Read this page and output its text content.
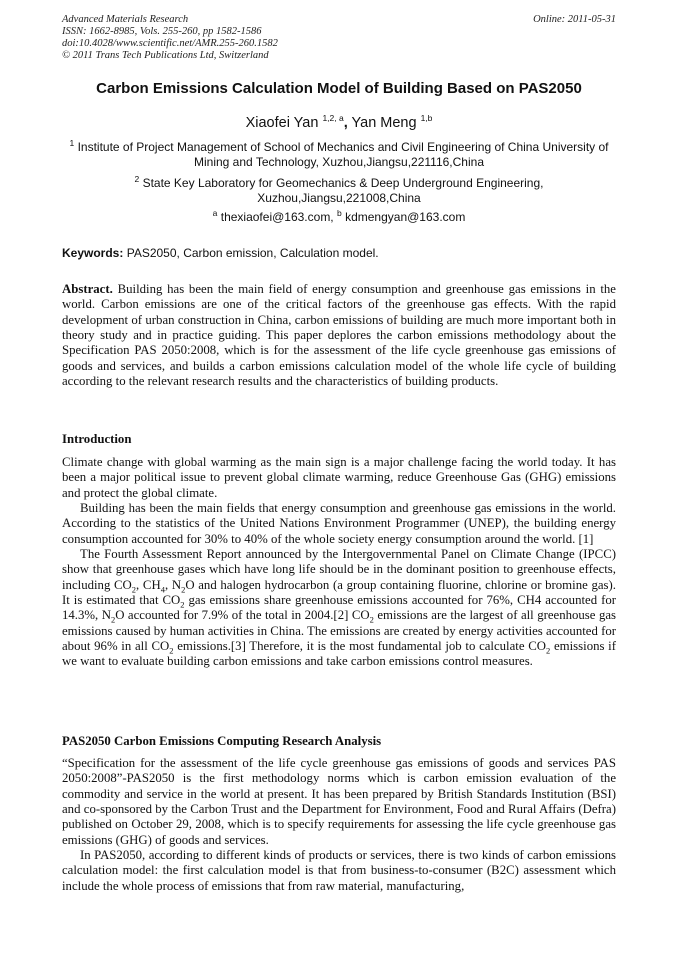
Advanced Materials Research
ISSN: 1662-8985, Vols. 255-260, pp 1582-1586
doi:10.4028/www.scientific.net/AMR.255-260.1582
© 2011 Trans Tech Publications Ltd, Switzerland
Online: 2011-05-31
Carbon Emissions Calculation Model of Building Based on PAS2050
Xiaofei Yan $^{1,2, a}$, Yan Meng $^{1,b}$
$^1$ Institute of Project Management of School of Mechanics and Civil Engineering of China University of Mining and Technology, Xuzhou,Jiangsu,221116,China
$^2$ State Key Laboratory for Geomechanics & Deep Underground Engineering, Xuzhou,Jiangsu,221008,China
$^a$ thexiaofei@163.com, $^b$ kdmengyan@163.com
Keywords: PAS2050, Carbon emission, Calculation model.
Abstract. Building has been the main field of energy consumption and greenhouse gas emissions in the world. Carbon emissions are one of the critical factors of the greenhouse gas effects. With the rapid development of urban construction in China, carbon emissions of building are much more important both in theory study and in practice guiding. This paper deplores the carbon emissions methodology about the Specification PAS 2050:2008, which is for the assessment of the life cycle greenhouse gas emissions of goods and services, and builds a carbon emissions calculation model of the whole life cycle of building according to the relevant research results and the characteristics of building products.
Introduction

Climate change with global warming as the main sign is a major challenge facing the world today. It has been a major political issue to prevent global climate warming, reduce Greenhouse Gas (GHG) emissions and protect the global climate.

Building has been the main fields that energy consumption and greenhouse gas emissions in the world. According to the statistics of the United Nations Environment Programmer (UNEP), the building energy consumption accounted for 30% to 40% of the whole society energy consumption around the world. [1]

The Fourth Assessment Report announced by the Intergovernmental Panel on Climate Change (IPCC) show that greenhouse gases which have long life should be in the dominant position to greenhouse effects, including $CO_2$, $CH_4$, $N_2O$ and halogen hydrocarbon (a group containing fluorine, chlorine or bromine gas). It is estimated that $CO_2$ gas emissions share greenhouse emissions accounted for 76%, CH4 accounted for 14.3%, $N_2O$ accounted for 7.9% of the total in 2004.[2] $CO_2$ emissions are the largest of all greenhouse gas emissions caused by human activities in China. The emissions are created by energy activities accounted for about 96% in all $CO_2$ emissions.[3] Therefore, it is the most fundamental job to calculate $CO_2$ emissions if we want to evaluate building carbon emissions and take carbon emissions control measures.

PAS2050 Carbon Emissions Computing Research Analysis

“Specification for the assessment of the life cycle greenhouse gas emissions of goods and services PAS 2050:2008”-PAS2050 is the first methodology norms which is carbon emission evaluation of the commodity and service in the world at present. It has been prepared by British Standards Institution (BSI) and co-sponsored by the Carbon Trust and the Department for Environment, Food and Rural Affairs (Defra) published on October 29, 2008, which is to specify requirements for assessing the life cycle greenhouse gas emissions (GHG) of goods and services.

In PAS2050, according to different kinds of products or services, there is two kinds of carbon emissions calculation model: the first calculation model is that from business-to-consumer (B2C) assessment which include the whole process of emissions that from raw material, manufacturing,
